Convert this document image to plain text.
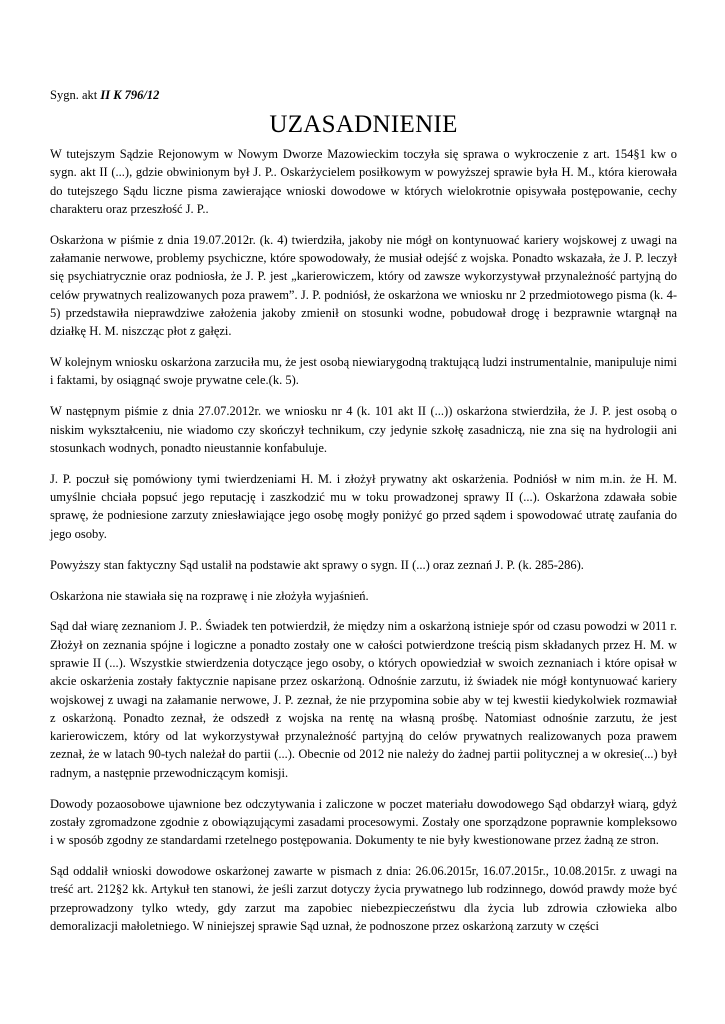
Sygn. akt II K 796/12

UZASADNIENIE

W tutejszym Sądzie Rejonowym w Nowym Dworze Mazowieckim toczyła się sprawa o wykroczenie z art. 154§1 kw o sygn. akt II (...), gdzie obwinionym był J. P.. Oskarżycielem posiłkowym w powyższej sprawie była H. M., która kierowała do tutejszego Sądu liczne pisma zawierające wnioski dowodowe w których wielokrotnie opisywała postępowanie, cechy charakteru oraz przeszłość J. P..

Oskarżona w piśmie z dnia 19.07.2012r. (k. 4) twierdziła, jakoby nie mógł on kontynuować kariery wojskowej z uwagi na załamanie nerwowe, problemy psychiczne, które spowodowały, że musiał odejść z wojska. Ponadto wskazała, że J. P. leczył się psychiatrycznie oraz podniosła, że J. P. jest „karierowiczem, który od zawsze wykorzystywał przynależność partyjną do celów prywatnych realizowanych poza prawem”. J. P. podniósł, że oskarżona we wniosku nr 2 przedmiotowego pisma (k. 4-5) przedstawiła nieprawdziwe założenia jakoby zmienił on stosunki wodne, pobudował drogę i bezprawnie wtargnął na działkę H. M. niszcząc płot z gałęzi.

W kolejnym wniosku oskarżona zarzuciła mu, że jest osobą niewiarygodną traktującą ludzi instrumentalnie, manipuluje nimi i faktami, by osiągnąć swoje prywatne cele.(k. 5).

W następnym piśmie z dnia 27.07.2012r. we wniosku nr 4 (k. 101 akt II (...)) oskarżona stwierdziła, że J. P. jest osobą o niskim wykształceniu, nie wiadomo czy skończył technikum, czy jedynie szkołę zasadniczą, nie zna się na hydrologii ani stosunkach wodnych, ponadto nieustannie konfabuluje.

J. P. poczuł się pomówiony tymi twierdzeniami H. M. i złożył prywatny akt oskarżenia. Podniósł w nim m.in. że H. M. umyślnie chciała popsuć jego reputację i zaszkodzić mu w toku prowadzonej sprawy II (...). Oskarżona zdawała sobie sprawę, że podniesione zarzuty zniesławiające jego osobę mogły poniżyć go przed sądem i spowodować utratę zaufania do jego osoby.

Powyższy stan faktyczny Sąd ustalił na podstawie akt sprawy o sygn. II (...) oraz zeznań J. P. (k. 285-286).

Oskarżona nie stawiała się na rozprawę i nie złożyła wyjaśnień.

Sąd dał wiarę zeznaniom J. P.. Świadek ten potwierdził, że między nim a oskarżoną istnieje spór od czasu powodzi w 2011 r. Złożył on zeznania spójne i logiczne a ponadto zostały one w całości potwierdzone treścią pism składanych przez H. M. w sprawie II (...). Wszystkie stwierdzenia dotyczące jego osoby, o których opowiedział w swoich zeznaniach i które opisał w akcie oskarżenia zostały faktycznie napisane przez oskarżoną. Odnośnie zarzutu, iż świadek nie mógł kontynuować kariery wojskowej z uwagi na załamanie nerwowe, J. P. zeznał, że nie przypomina sobie aby w tej kwestii kiedykolwiek rozmawiał z oskarżoną. Ponadto zeznał, że odszedł z wojska na rentę na własną prośbę. Natomiast odnośnie zarzutu, że jest karierowiczem, który od lat wykorzystywał przynależność partyjną do celów prywatnych realizowanych poza prawem zeznał, że w latach 90-tych należał do partii (...). Obecnie od 2012 nie należy do żadnej partii politycznej a w okresie(...) był radnym, a następnie przewodniczącym komisji.

Dowody pozaosobowe ujawnione bez odczytywania i zaliczone w poczet materiału dowodowego Sąd obdarzył wiarą, gdyż zostały zgromadzone zgodnie z obowiązującymi zasadami procesowymi. Zostały one sporządzone poprawnie kompleksowo i w sposób zgodny ze standardami rzetelnego postępowania. Dokumenty te nie były kwestionowane przez żadną ze stron.

Sąd oddalił wnioski dowodowe oskarżonej zawarte w pismach z dnia: 26.06.2015r, 16.07.2015r., 10.08.2015r. z uwagi na treść art. 212§2 kk. Artykuł ten stanowi, że jeśli zarzut dotyczy życia prywatnego lub rodzinnego, dowód prawdy może być przeprowadzony tylko wtedy, gdy zarzut ma zapobiec niebezpieczeństwu dla życia lub zdrowia człowieka albo demoralizacji małoletniego. W niniejszej sprawie Sąd uznał, że podnoszone przez oskarżoną zarzuty w części
